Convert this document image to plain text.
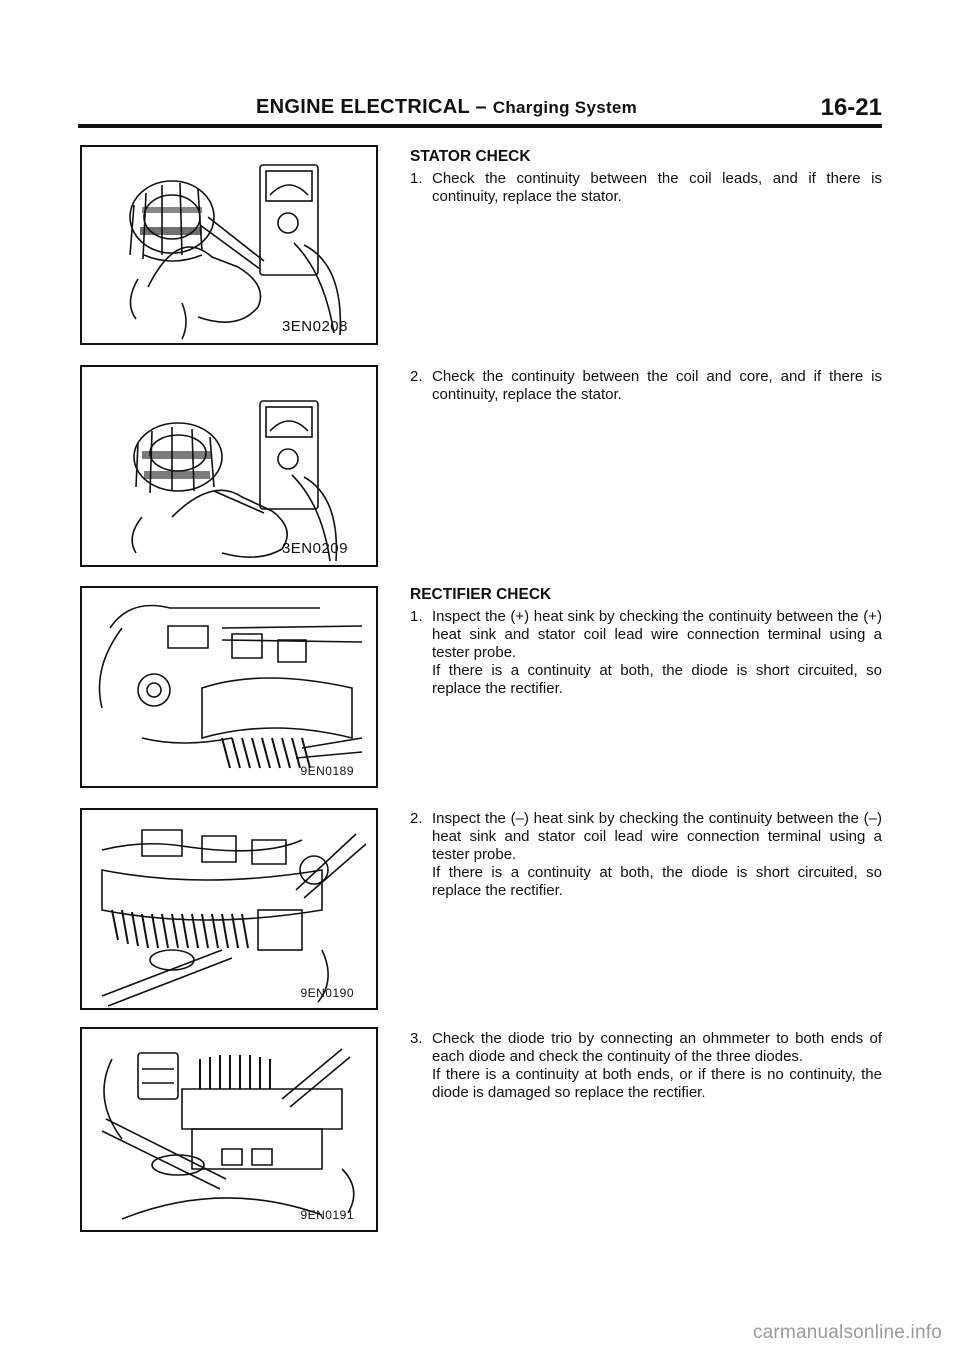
ENGINE ELECTRICAL – Charging System	16-21
3EN0208
3EN0209
9EN0189
9EN0190
9EN0191
STATOR CHECK
1. Check the continuity between the coil leads, and if there is continuity, replace the stator.

2. Check the continuity between the coil and core, and if there is continuity, replace the stator.

RECTIFIER CHECK
1. Inspect the (+) heat sink by checking the continuity between the (+) heat sink and stator coil lead wire connection terminal using a tester probe.

If there is a continuity at both, the diode is short circuited, so replace the rectifier.

2. Inspect the (–) heat sink by checking the continuity between the (–) heat sink and stator coil lead wire connection terminal using a tester probe.

If there is a continuity at both, the diode is short circuited, so replace the rectifier.

3. Check the diode trio by connecting an ohmmeter to both ends of each diode and check the continuity of the three diodes.

If there is a continuity at both ends, or if there is no continuity, the diode is damaged so replace the rectifier.

carmanualsonline.info
